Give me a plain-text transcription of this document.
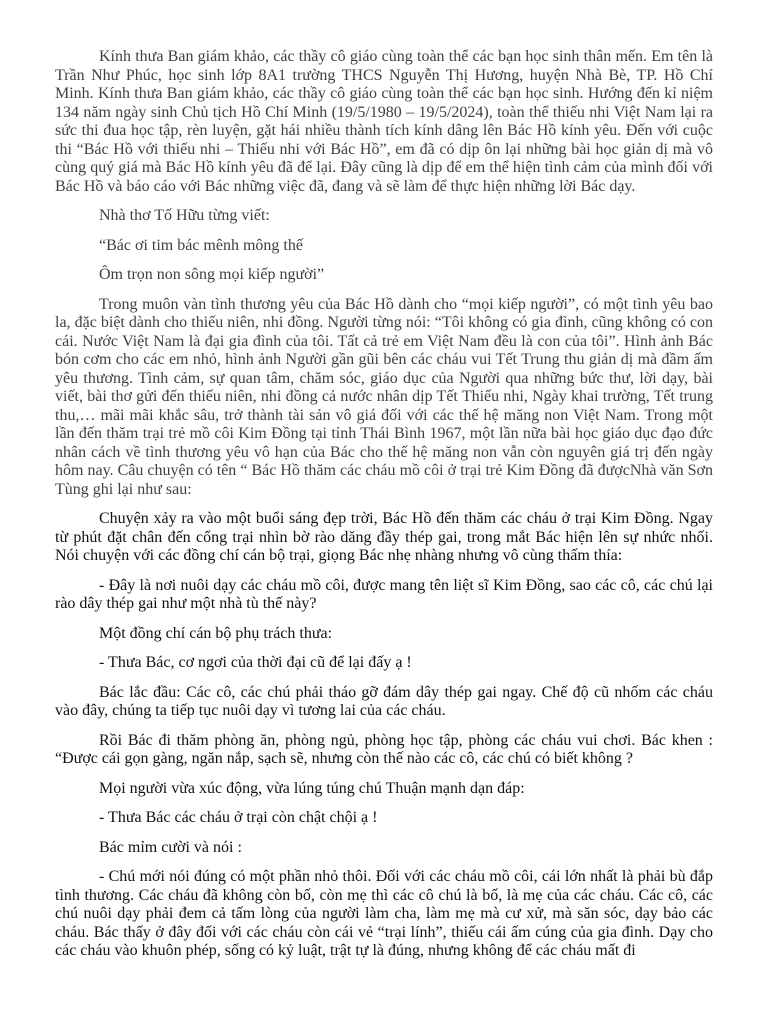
Kính thưa Ban giám khảo, các thầy cô giáo cùng toàn thể các bạn học sinh thân mến. Em tên là Trần Như Phúc, học sinh lớp 8A1 trường THCS Nguyễn Thị Hương, huyện Nhà Bè, TP. Hồ Chí Minh. Kính thưa Ban giám khảo, các thầy cô giáo cùng toàn thể các bạn học sinh. Hướng đến kỉ niệm 134 năm ngày sinh Chủ tịch Hồ Chí Minh (19/5/1980 – 19/5/2024), toàn thể thiếu nhi Việt Nam lại ra sức thi đua học tập, rèn luyện, gặt hái nhiều thành tích kính dâng lên Bác Hồ kính yêu. Đến với cuộc thi “Bác Hồ với thiếu nhi – Thiếu nhi với Bác Hồ”, em đã có dịp ôn lại những bài học giản dị mà vô cùng quý giá mà Bác Hồ kính yêu đã để lại. Đây cũng là dịp để em thể hiện tình cảm của mình đối với Bác Hồ và báo cáo với Bác những việc đã, đang và sẽ làm để thực hiện những lời Bác dạy.

Nhà thơ Tố Hữu từng viết:

“Bác ơi tim bác mênh mông thế

Ôm trọn non sông mọi kiếp người”

Trong muôn vàn tình thương yêu của Bác Hồ dành cho “mọi kiếp người”, có một tình yêu bao la, đặc biệt dành cho thiếu niên, nhi đồng. Người từng nói: “Tôi không có gia đình, cũng không có con cái. Nước Việt Nam là đại gia đình của tôi. Tất cả trẻ em Việt Nam đều là con của tôi”. Hình ảnh Bác bón cơm cho các em nhỏ, hình ảnh Người gần gũi bên các cháu vui Tết Trung thu giản dị mà đầm ấm yêu thương. Tình cảm, sự quan tâm, chăm sóc, giáo dục của Người qua những bức thư, lời dạy, bài viết, bài thơ gửi đến thiếu niên, nhi đồng cả nước nhân dịp Tết Thiếu nhi, Ngày khai trường, Tết trung thu,… mãi mãi khắc sâu, trở thành tài sản vô giá đối với các thế hệ măng non Việt Nam. Trong một lần đến thăm trại trẻ mồ côi Kim Đồng tại tỉnh Thái Bình 1967, một lần nữa bài học giáo dục đạo đức nhân cách về tình thương yêu vô hạn của Bác cho thế hệ măng non vẫn còn nguyên giá trị đến ngày hôm nay. Câu chuyện có tên “ Bác Hồ thăm các cháu mồ côi ở trại trẻ Kim Đồng đã đượcNhà văn Sơn Tùng ghi lại như sau:

Chuyện xảy ra vào một buổi sáng đẹp trời, Bác Hồ đến thăm các cháu ở trại Kim Đồng. Ngay từ phút đặt chân đến cổng trại nhìn bờ rào dăng đầy thép gai, trong mắt Bác hiện lên sự nhức nhối. Nói chuyện với các đồng chí cán bộ trại, giọng Bác nhẹ nhàng nhưng vô cùng thấm thía:

- Đây là nơi nuôi dạy các cháu mồ côi, được mang tên liệt sĩ Kim Đồng, sao các cô, các chú lại rào dây thép gai như một nhà tù thế này?

Một đồng chí cán bộ phụ trách thưa:

- Thưa Bác, cơ ngơi của thời đại cũ để lại đấy ạ !

Bác lắc đầu: Các cô, các chú phải tháo gỡ đám dây thép gai ngay. Chế độ cũ nhốm các cháu vào đây, chúng ta tiếp tục nuôi dạy vì tương lai của các cháu.

Rồi Bác đi thăm phòng ăn, phòng ngủ, phòng học tập, phòng các cháu vui chơi. Bác khen : “Được cái gọn gàng, ngăn nắp, sạch sẽ, nhưng còn thế nào các cô, các chú có biết không ?

Mọi người vừa xúc động, vừa lúng túng chú Thuận mạnh dạn đáp:

- Thưa Bác các cháu ở trại còn chật chội ạ !

Bác mỉm cười và nói :

- Chú mới nói đúng có một phần nhỏ thôi. Đối với các cháu mồ côi, cái lớn nhất là phải bù đắp tình thương. Các cháu đã không còn bố, còn mẹ thì các cô chú là bố, là mẹ của các cháu. Các cô, các chú nuôi dạy phải đem cả tấm lòng của người làm cha, làm mẹ mà cư xử, mà săn sóc, dạy bảo các cháu. Bác thấy ở đây đối với các cháu còn cái vẻ “trại lính”, thiếu cái ấm cúng của gia đình. Dạy cho các cháu vào khuôn phép, sống có kỷ luật, trật tự là đúng, nhưng không để các cháu mất đi
